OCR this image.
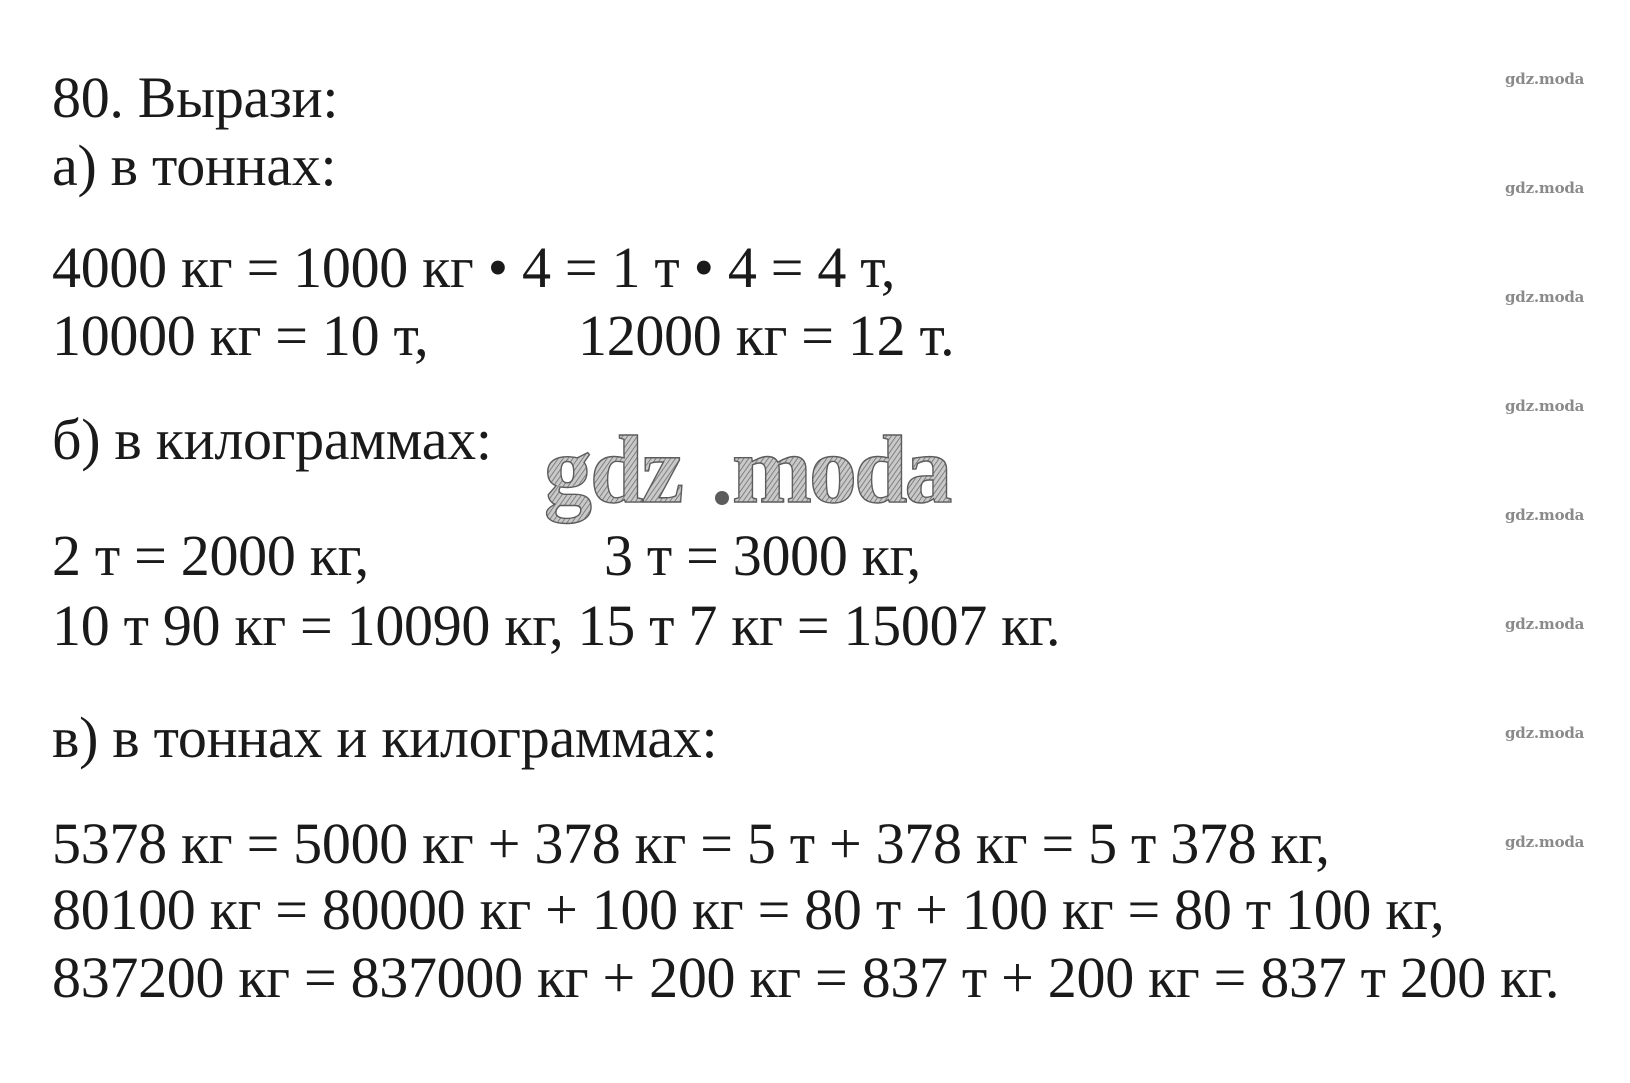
80. Вырази:
а) в тоннах:
4000 кг = 1000 кг • 4 = 1 т • 4 = 4 т,
10000 кг = 10 т,	12000 кг = 12 т.
б) в килограммах:
2 т = 2000 кг,	3 т = 3000 кг,
10 т 90 кг = 10090 кг, 15 т 7 кг = 15007 кг.
в) в тоннах и килограммах:
5378 кг = 5000 кг + 378 кг = 5 т + 378 кг = 5 т 378 кг,
80100 кг = 80000 кг + 100 кг = 80 т + 100 кг = 80 т 100 кг,
837200 кг = 837000 кг + 200 кг = 837 т + 200 кг = 837 т 200 кг.
gdz.moda
gdz.moda
gdz.moda
gdz.moda
gdz.moda
gdz.moda
gdz.moda
gdz.moda
gdz moda
